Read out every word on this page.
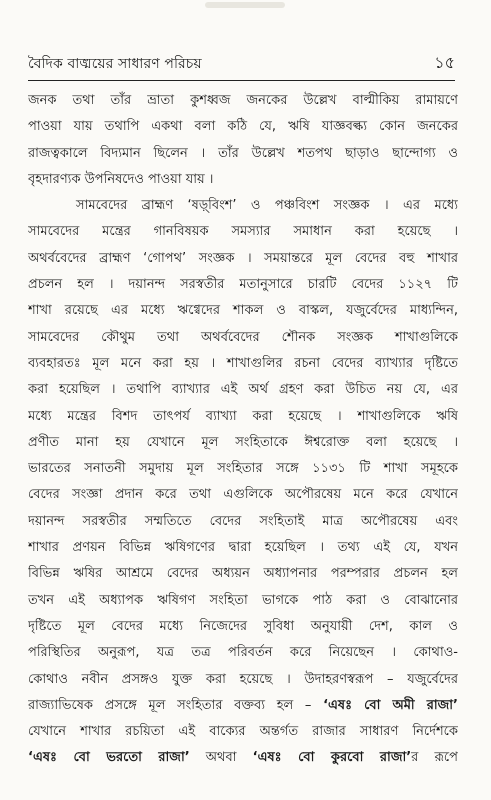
বৈদিক বাঙ্ময়ের সাধারণ পরিচয়	১৫
জনক তথা তাঁর ভ্রাতা কুশধ্বজ জনকের উল্লেখ বাল্মীকিয় রামায়ণে
পাওয়া যায় তথাপি একথা বলা কঠি যে, ঋষি যাজ্ঞবল্ক্য কোন জনকের
রাজত্বকালে বিদ্যমান ছিলেন । তাঁর উল্লেখ শতপথ ছাড়াও ছান্দোগ্য ও
বৃহদারণ্যক উপনিষদেও পাওয়া যায় ।
সামবেদের ব্রাহ্মণ ‘ষড়্‌বিংশ’ ও পঞ্চবিংশ সংজ্ঞক । এর মধ্যে
সামবেদের মন্ত্রের গানবিষয়ক সমস্যার সমাধান করা হয়েছে ।
অথর্ববেদের ব্রাহ্মণ ‘গোপথ’ সংজ্ঞক । সময়ান্তরে মূল বেদের বহু শাখার
প্রচলন হল । দয়ানন্দ সরস্বতীর মতানুসারে চারটি বেদের ১১২৭ টি
শাখা রয়েছে এর মধ্যে ঋগ্বেদের শাকল ও বাস্কল, যজুর্বেদের মাধ্যন্দিন,
সামবেদের কৌথুম তথা অথর্ববেদের শৌনক সংজ্ঞক শাখাগুলিকে
ব্যবহারতঃ মূল মনে করা হয় । শাখাগুলির রচনা বেদের ব্যাখ্যার দৃষ্টিতে
করা হয়েছিল । তথাপি ব্যাখ্যার এই অর্থ গ্রহণ করা উচিত নয় যে, এর
মধ্যে মন্ত্রের বিশদ তাৎপর্য ব্যাখ্যা করা হয়েছে । শাখাগুলিকে ঋষি
প্রণীত মানা হয় যেখানে মূল সংহিতাকে ঈশ্বরোক্ত বলা হয়েছে ।
ভারতের সনাতনী সমুদায় মূল সংহিতার সঙ্গে ১১৩১ টি শাখা সমূহকে
বেদের সংজ্ঞা প্রদান করে তথা এগুলিকে অপৌরষেয় মনে করে যেখানে
দয়ানন্দ সরস্বতীর সম্মতিতে বেদের সংহিতাই মাত্র অপৌরষেয় এবং
শাখার প্রণয়ন বিভিন্ন ঋষিগণের দ্বারা হয়েছিল । তথ্য এই যে, যখন
বিভিন্ন ঋষির আশ্রমে বেদের অধ্যয়ন অধ্যাপনার পরম্পরার প্রচলন হল
তখন এই অধ্যাপক ঋষিগণ সংহিতা ভাগকে পাঠ করা ও বোঝানোর
দৃষ্টিতে মূল বেদের মধ্যে নিজেদের সুবিধা অনুযায়ী দেশ, কাল ও
পরিস্থিতির অনুরূপ, যত্র তত্র পরিবর্তন করে নিয়েছেন । কোথাও-
কোথাও নবীন প্রসঙ্গও যুক্ত করা হয়েছে । উদাহরণস্বরূপ – যজুর্বেদের
রাজ্যাভিষেক প্রসঙ্গে মূল সংহিতার বক্তব্য হল – ‘এষঃ বো অমী রাজা’
যেখানে শাখার রচয়িতা এই বাক্যের অন্তর্গত রাজার সাধারণ নির্দেশকে
‘এষঃ বো ভরতো রাজা’ অথবা ‘এষঃ বো কুরবো রাজা’র রূপে
